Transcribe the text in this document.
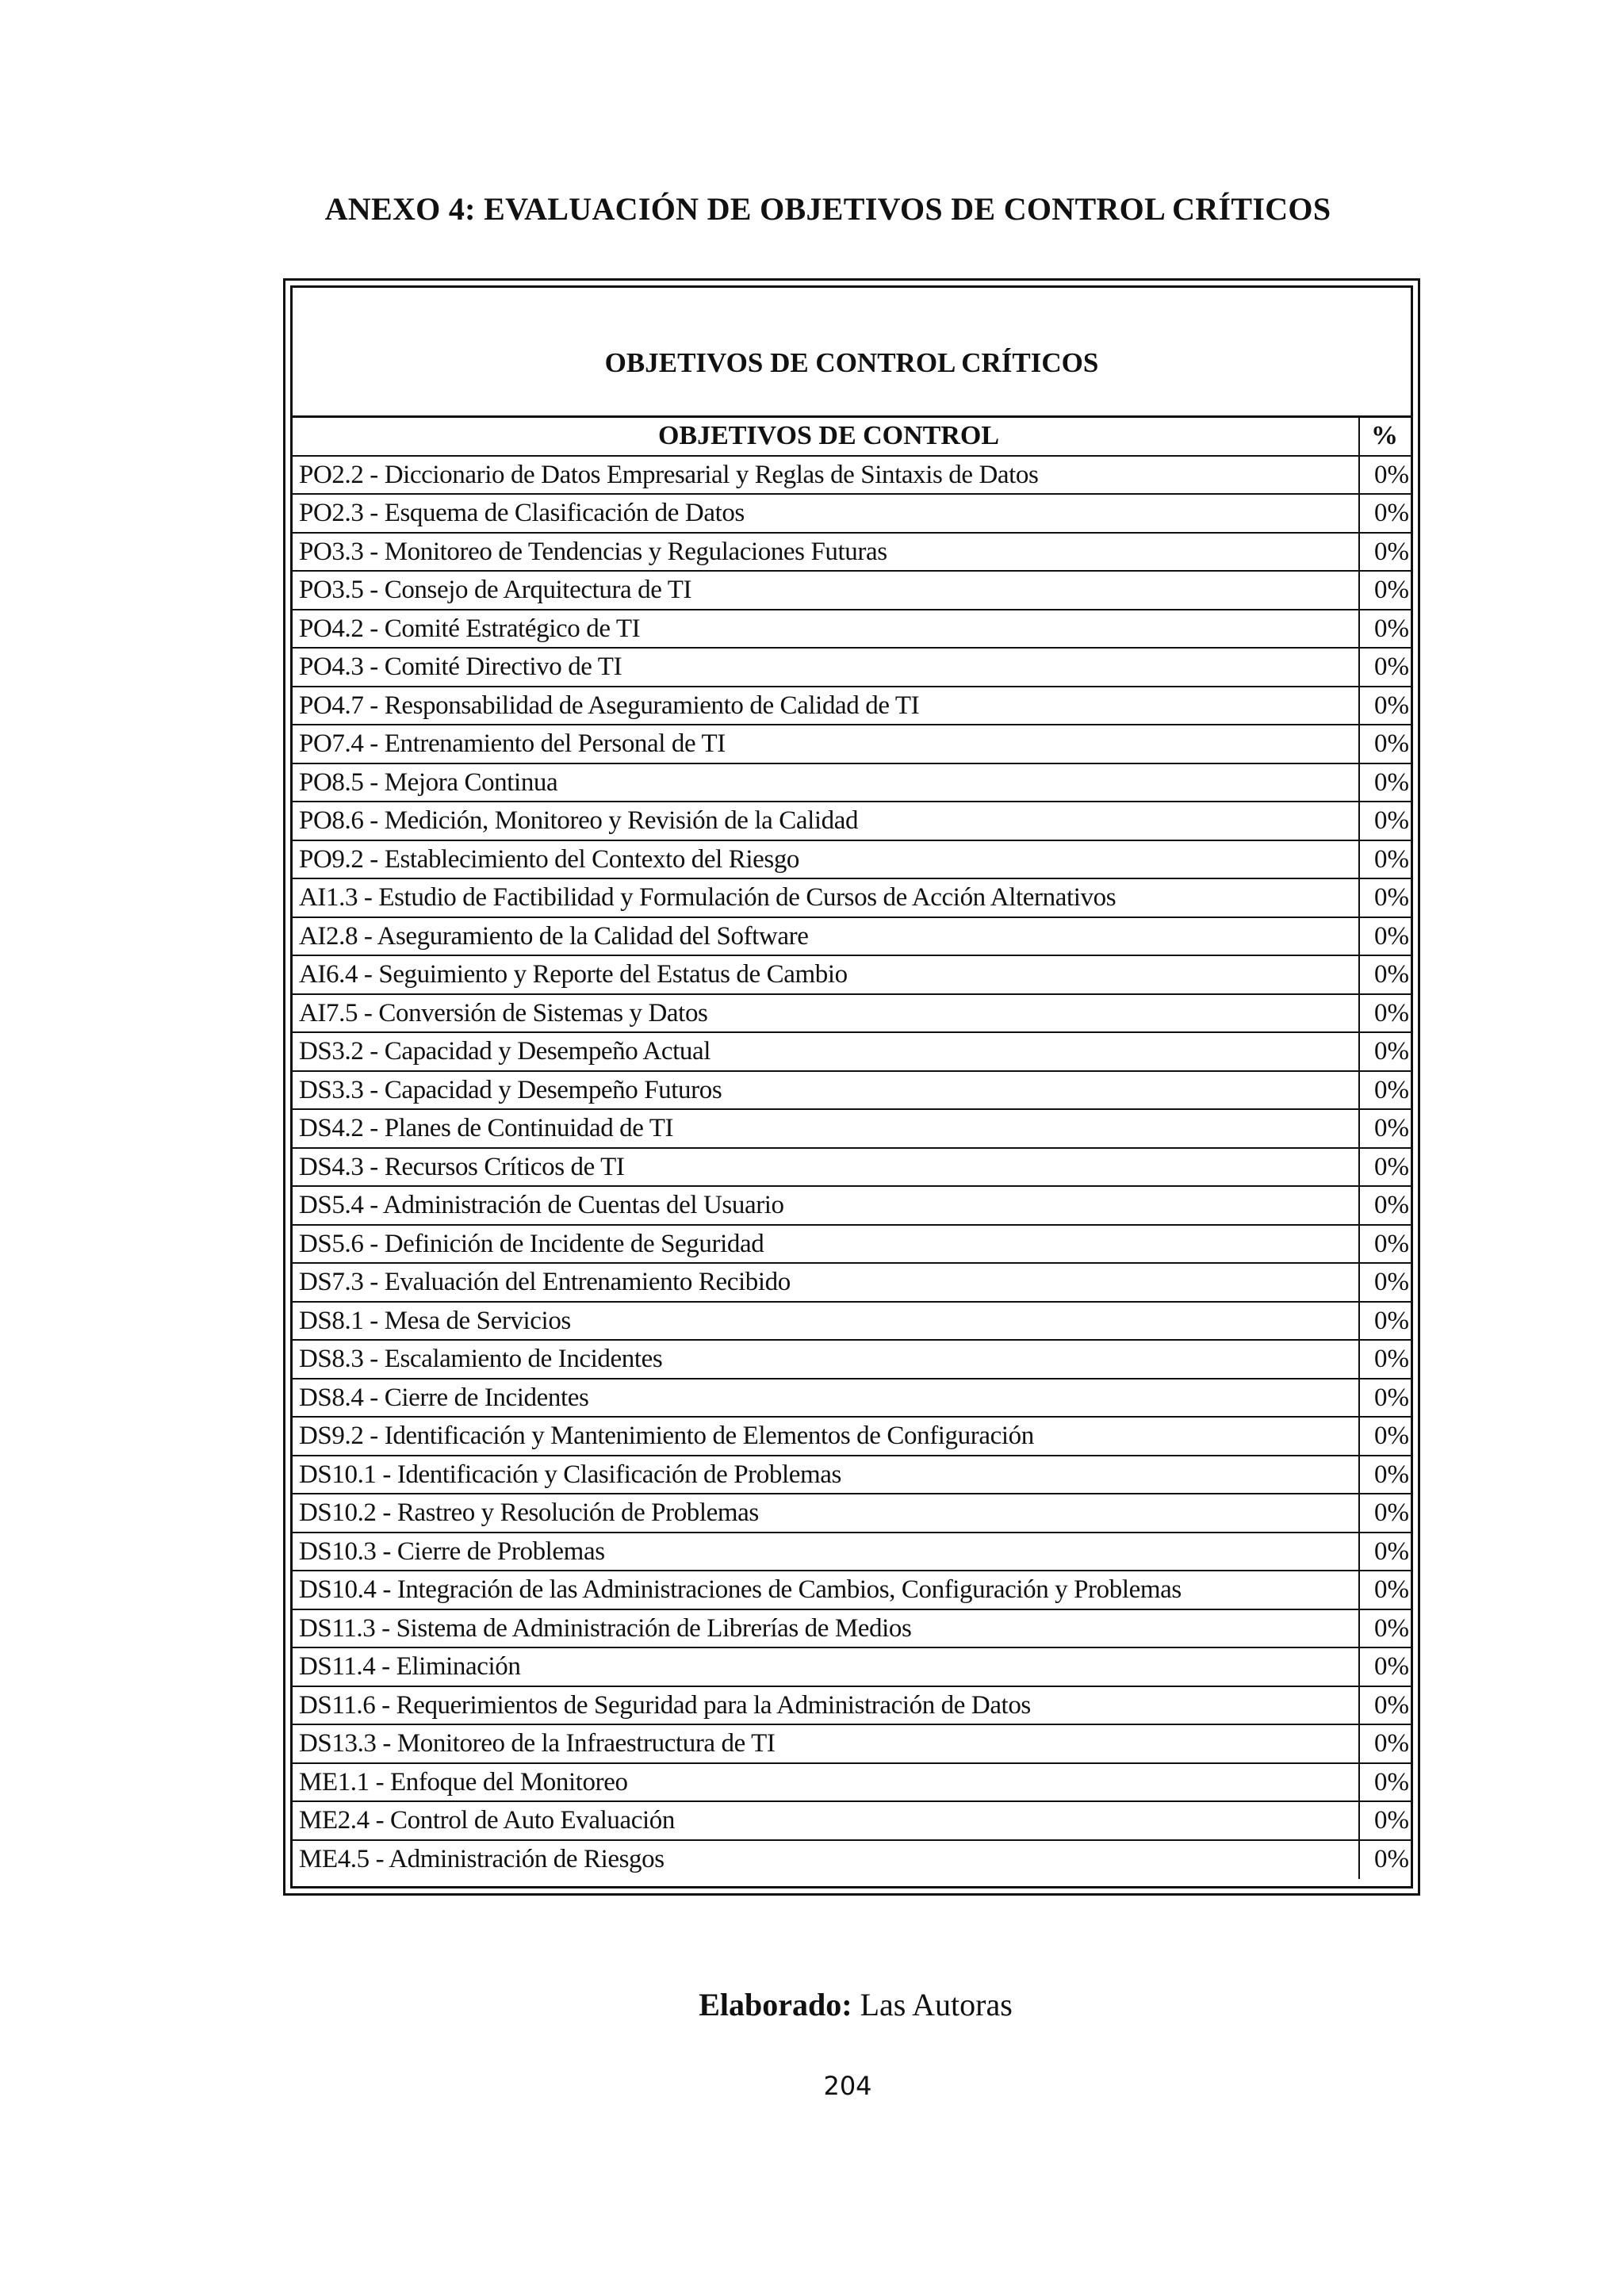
ANEXO 4: EVALUACIÓN DE OBJETIVOS DE CONTROL CRÍTICOS
OBJETIVOS DE CONTROL CRÍTICOS
OBJETIVOS DE CONTROL	%
PO2.2 - Diccionario de Datos Empresarial y Reglas de Sintaxis de Datos	0%
PO2.3 - Esquema de Clasificación de Datos	0%
PO3.3 - Monitoreo de Tendencias y Regulaciones Futuras	0%
PO3.5 - Consejo de Arquitectura de TI	0%
PO4.2 - Comité Estratégico de TI	0%
PO4.3 - Comité Directivo de TI	0%
PO4.7 - Responsabilidad de Aseguramiento de Calidad de TI	0%
PO7.4 - Entrenamiento del Personal de TI	0%
PO8.5 - Mejora Continua	0%
PO8.6 - Medición, Monitoreo y Revisión de la Calidad	0%
PO9.2 - Establecimiento del Contexto del Riesgo	0%
AI1.3 - Estudio de Factibilidad y Formulación de Cursos de Acción Alternativos	0%
AI2.8 - Aseguramiento de la Calidad del Software	0%
AI6.4 - Seguimiento y Reporte del Estatus de Cambio	0%
AI7.5 - Conversión de Sistemas y Datos	0%
DS3.2 - Capacidad y Desempeño Actual	0%
DS3.3 - Capacidad y Desempeño Futuros	0%
DS4.2 - Planes de Continuidad de TI	0%
DS4.3 - Recursos Críticos de TI	0%
DS5.4 - Administración de Cuentas del Usuario	0%
DS5.6 - Definición de Incidente de Seguridad	0%
DS7.3 - Evaluación del Entrenamiento Recibido	0%
DS8.1 - Mesa de Servicios	0%
DS8.3 - Escalamiento de Incidentes	0%
DS8.4 - Cierre de Incidentes	0%
DS9.2 - Identificación y Mantenimiento de Elementos de Configuración	0%
DS10.1 - Identificación y Clasificación de Problemas	0%
DS10.2 - Rastreo y Resolución de Problemas	0%
DS10.3 - Cierre de Problemas	0%
DS10.4 - Integración de las Administraciones de Cambios, Configuración y Problemas	0%
DS11.3 - Sistema de Administración de Librerías de Medios	0%
DS11.4 - Eliminación	0%
DS11.6 - Requerimientos de Seguridad para la Administración de Datos	0%
DS13.3 - Monitoreo de la Infraestructura de TI	0%
ME1.1 - Enfoque del Monitoreo	0%
ME2.4 - Control de Auto Evaluación	0%
ME4.5 - Administración de Riesgos	0%
Elaborado: Las Autoras
204
